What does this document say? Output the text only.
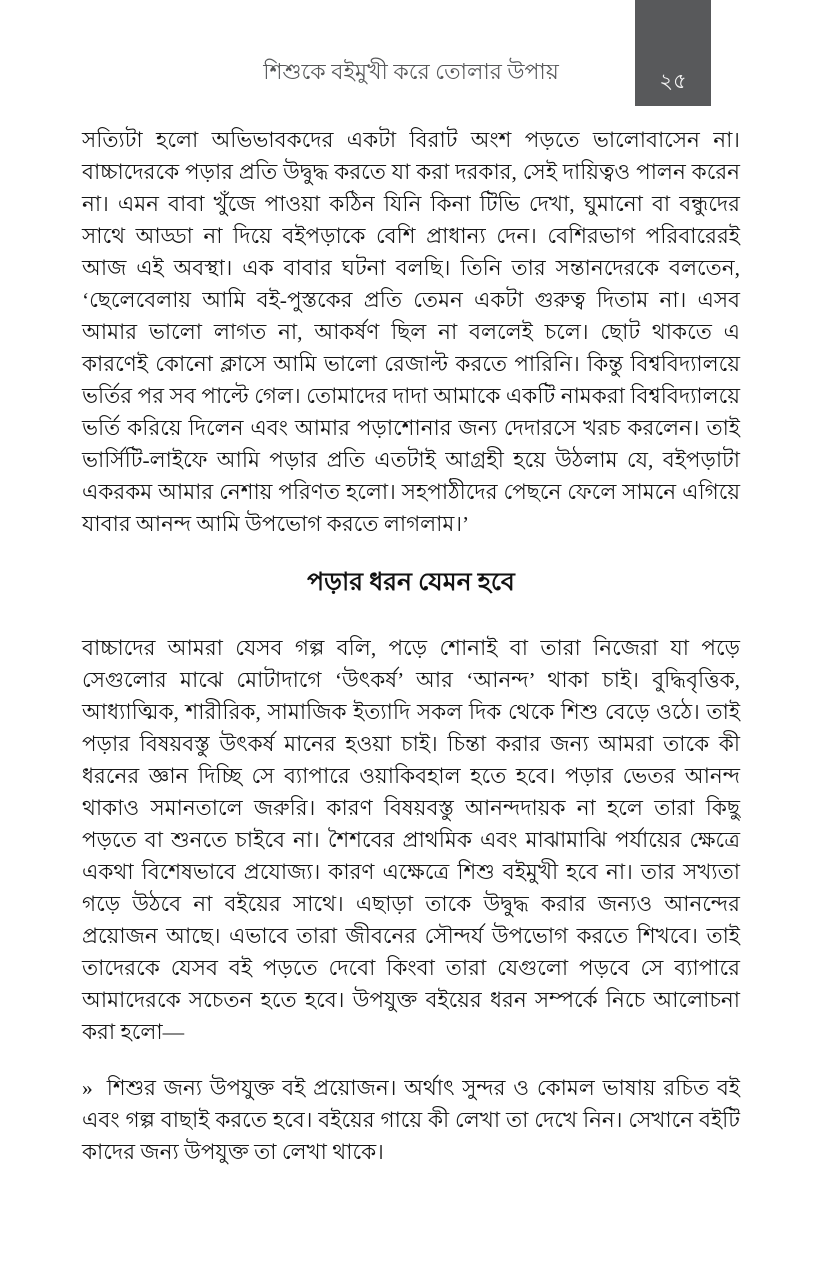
২৫
শিশুকে বইমুখী করে তোলার উপায়

সত্যিটা হলো অভিভাবকদের একটা বিরাট অংশ পড়তে ভালোবাসেন না। বাচ্চাদেরকে পড়ার প্রতি উদ্বুদ্ধ করতে যা করা দরকার, সেই দায়িত্বও পালন করেন না। এমন বাবা খুঁজে পাওয়া কঠিন যিনি কিনা টিভি দেখা, ঘুমানো বা বন্ধুদের সাথে আড্ডা না দিয়ে বইপড়াকে বেশি প্রাধান্য দেন। বেশিরভাগ পরিবারেরই আজ এই অবস্থা। এক বাবার ঘটনা বলছি। তিনি তার সন্তানদেরকে বলতেন, ‘ছেলেবেলায় আমি বই-পুস্তকের প্রতি তেমন একটা গুরুত্ব দিতাম না। এসব আমার ভালো লাগত না, আকর্ষণ ছিল না বললেই চলে। ছোট থাকতে এ কারণেই কোনো ক্লাসে আমি ভালো রেজাল্ট করতে পারিনি। কিন্তু বিশ্ববিদ্যালয়ে ভর্তির পর সব পাল্টে গেল। তোমাদের দাদা আমাকে একটি নামকরা বিশ্ববিদ্যালয়ে ভর্তি করিয়ে দিলেন এবং আমার পড়াশোনার জন্য দেদারসে খরচ করলেন। তাই ভার্সিটি-লাইফে আমি পড়ার প্রতি এতটাই আগ্রহী হয়ে উঠলাম যে, বইপড়াটা একরকম আমার নেশায় পরিণত হলো। সহপাঠীদের পেছনে ফেলে সামনে এগিয়ে যাবার আনন্দ আমি উপভোগ করতে লাগলাম।’

পড়ার ধরন যেমন হবে

বাচ্চাদের আমরা যেসব গল্প বলি, পড়ে শোনাই বা তারা নিজেরা যা পড়ে সেগুলোর মাঝে মোটাদাগে ‘উৎকর্ষ’ আর ‘আনন্দ’ থাকা চাই। বুদ্ধিবৃত্তিক, আধ্যাত্মিক, শারীরিক, সামাজিক ইত্যাদি সকল দিক থেকে শিশু বেড়ে ওঠে। তাই পড়ার বিষয়বস্তু উৎকর্ষ মানের হওয়া চাই। চিন্তা করার জন্য আমরা তাকে কী ধরনের জ্ঞান দিচ্ছি সে ব্যাপারে ওয়াকিবহাল হতে হবে। পড়ার ভেতর আনন্দ থাকাও সমানতালে জরুরি। কারণ বিষয়বস্তু আনন্দদায়ক না হলে তারা কিছু পড়তে বা শুনতে চাইবে না। শৈশবের প্রাথমিক এবং মাঝামাঝি পর্যায়ের ক্ষেত্রে একথা বিশেষভাবে প্রযোজ্য। কারণ এক্ষেত্রে শিশু বইমুখী হবে না। তার সখ্যতা গড়ে উঠবে না বইয়ের সাথে। এছাড়া তাকে উদ্বুদ্ধ করার জন্যও আনন্দের প্রয়োজন আছে। এভাবে তারা জীবনের সৌন্দর্য উপভোগ করতে শিখবে। তাই তাদেরকে যেসব বই পড়তে দেবো কিংবা তারা যেগুলো পড়বে সে ব্যাপারে আমাদেরকে সচেতন হতে হবে। উপযুক্ত বইয়ের ধরন সম্পর্কে নিচে আলোচনা করা হলো—

» শিশুর জন্য উপযুক্ত বই প্রয়োজন। অর্থাৎ সুন্দর ও কোমল ভাষায় রচিত বই এবং গল্প বাছাই করতে হবে। বইয়ের গায়ে কী লেখা তা দেখে নিন। সেখানে বইটি কাদের জন্য উপযুক্ত তা লেখা থাকে।
